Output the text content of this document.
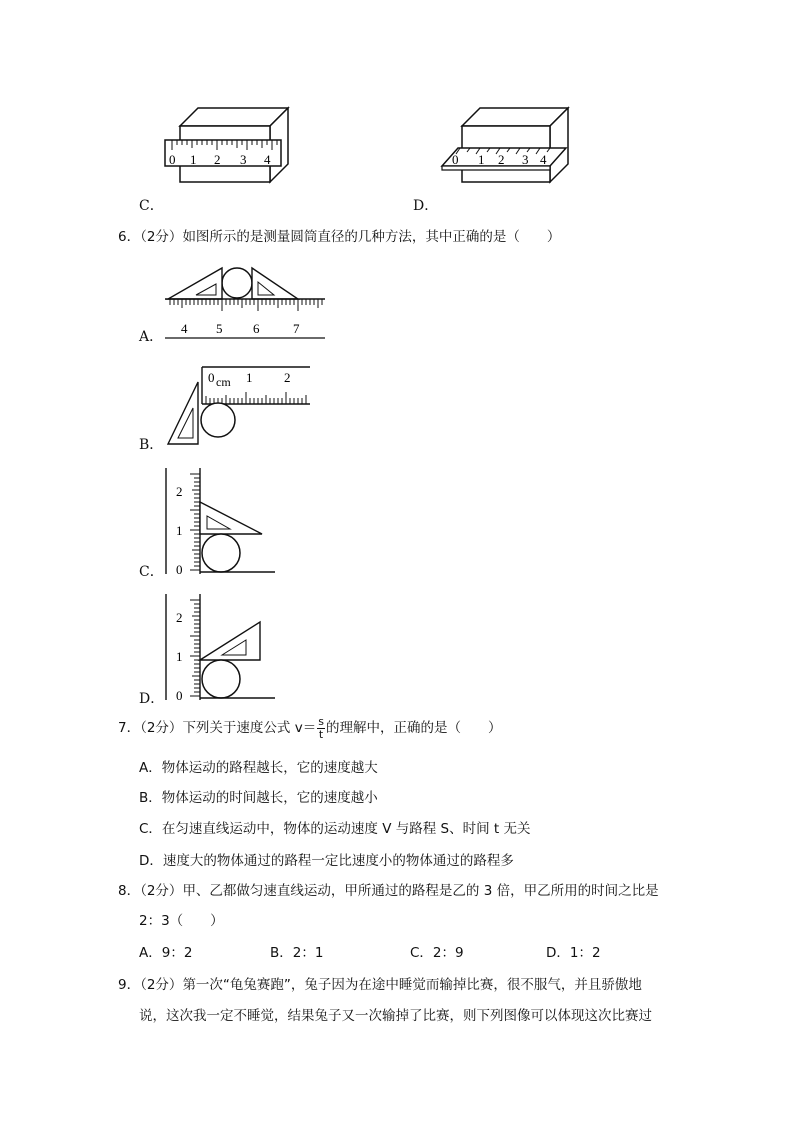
0 1 2 3 4
C．
0 1 2 3 4
D．
6．（2分）如图所示的是测量圆筒直径的几种方法，其中正确的是（　　）
4 5 6	7
A．
0 cm 1 2
B．
2
1
0
C．
2
1
0
D．
7．（2分）下列关于速度公式 $v= \frac{s}{t}$ 的理解中，正确的是（　　）
A．物体运动的路程越长，它的速度越大
B．物体运动的时间越长，它的速度越小
C．在匀速直线运动中，物体的运动速度 V 与路程 S、时间 t 无关
D．速度大的物体通过的路程一定比速度小的物体通过的路程多
8．（2分）甲、乙都做匀速直线运动，甲所通过的路程是乙的 3 倍，甲乙所用的时间之比是
2：3（　　）
A．9：2	B．2：1	C．2：9	D．1：2
9．（2分）第一次“龟兔赛跑”，兔子因为在途中睡觉而输掉比赛，很不服气，并且骄傲地
说，这次我一定不睡觉，结果兔子又一次输掉了比赛，则下列图像可以体现这次比赛过
